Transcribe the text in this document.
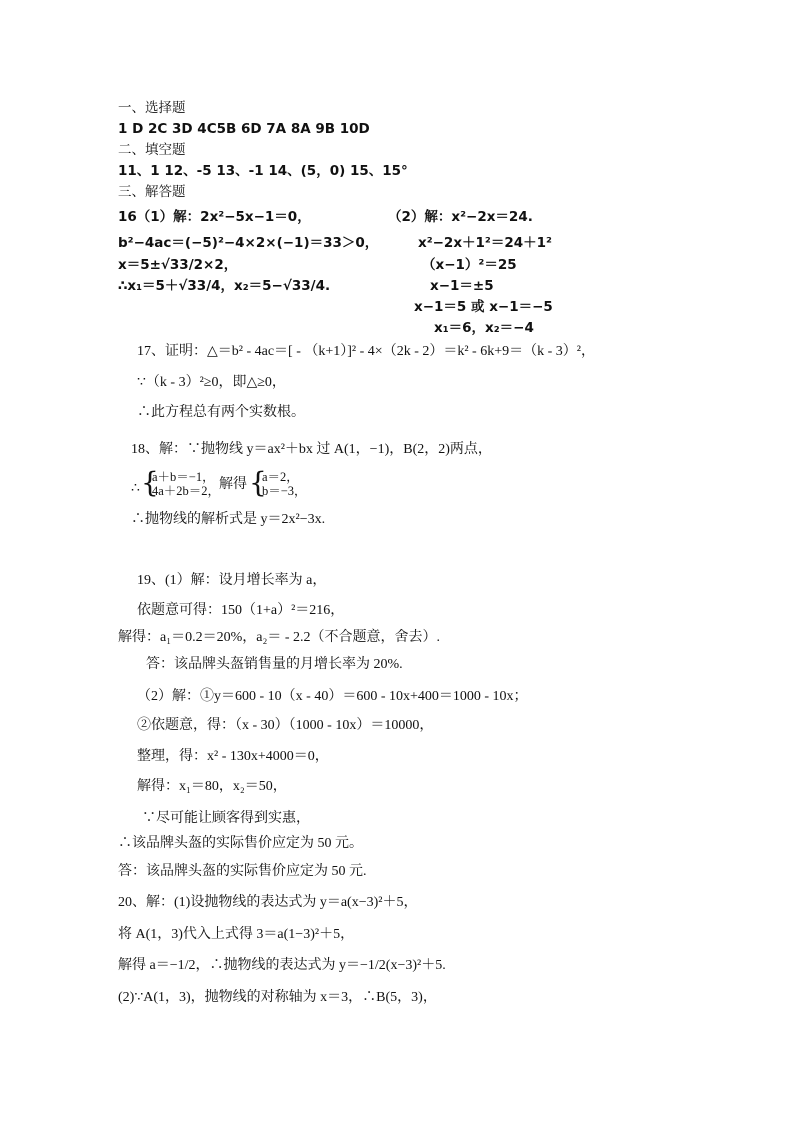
一、选择题
1 D 2C 3D 4C5B 6D 7A 8A 9B 10D
二、填空题
11、1 12、-5 13、-1 14、(5，0) 15、15°
三、解答题
16（1）解：2x²−5x−1＝0，
b²−4ac＝(−5)²−4×2×(−1)＝33＞0，
x＝5±√33/2×2，
∴x₁＝5＋√33/4，x₂＝5−√33/4.
（2）解：x²−2x＝24.
x²−2x＋1²＝24＋1²
（x−1）²＝25
x−1＝±5
x−1＝5 或 x−1＝−5
x₁＝6，x₂＝−4
17、证明：△＝b² - 4ac＝[ - （k+1）]² - 4×（2k - 2）＝k² - 6k+9＝（k - 3）²，
∵（k - 3）²≥0，即△≥0，
∴此方程总有两个实数根。
18、解：∵抛物线 y＝ax²＋bx 过 A(1，−1)，B(2，2)两点，
∴ {
a＋b＝−1，
4a＋2b＝2，
解得 {
a＝2，
b＝−3，
∴抛物线的解析式是 y＝2x²−3x.
19、(1）解：设月增长率为 a，
依题意可得：150（1+a）²＝216，
解得：a₁＝0.2＝20%，a₂＝ - 2.2（不合题意，舍去）.
答：该品牌头盔销售量的月增长率为 20%.
（2）解：①y＝600 - 10（x - 40）＝600 - 10x+400＝1000 - 10x；
②依题意，得：（x - 30）（1000 - 10x）＝10000，
整理，得：x² - 130x+4000＝0，
解得：x₁＝80，x₂＝50，
∵尽可能让顾客得到实惠，
∴该品牌头盔的实际售价应定为 50 元。
答：该品牌头盔的实际售价应定为 50 元.
20、解：(1)设抛物线的表达式为 y＝a(x−3)²＋5，
将 A(1，3)代入上式得 3＝a(1−3)²＋5，
解得 a＝−1/2，∴抛物线的表达式为 y＝−1/2(x−3)²＋5.
(2)∵A(1，3)，抛物线的对称轴为 x＝3，∴B(5，3)，
